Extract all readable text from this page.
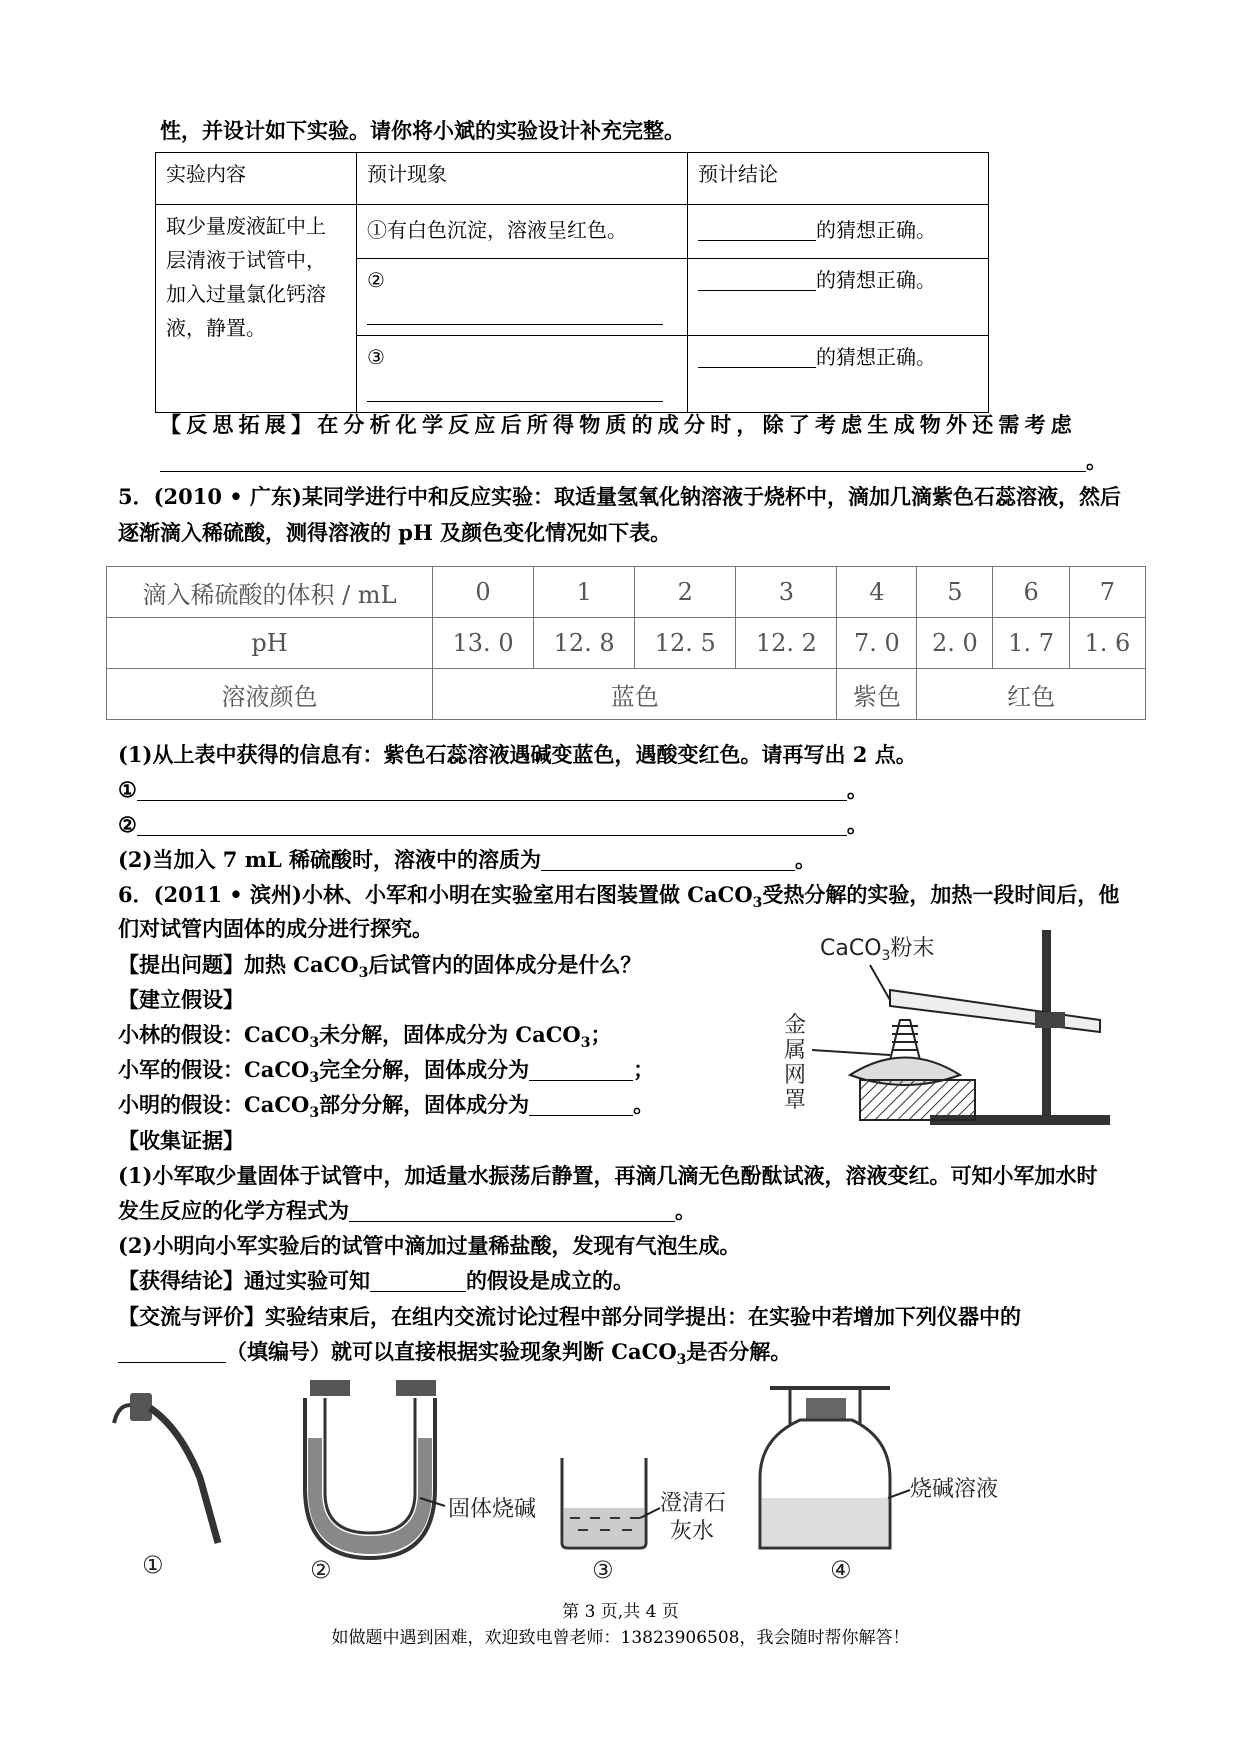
性，并设计如下实验。请你将小斌的实验设计补充完整。
实验内容	预计现象	预计结论

取少量废液缸中上
层清液于试管中，
加入过量氯化钙溶
液，静置。	①有白色沉淀，溶液呈红色。	的猜想正确。

	②	的猜想正确。

	③	的猜想正确。
【反思拓展】在分析化学反应后所得物质的成分时，除了考虑生成物外还需考虑
。
5．(2010 • 广东)某同学进行中和反应实验：取适量氢氧化钠溶液于烧杯中，滴加几滴紫色石蕊溶液，然后
逐渐滴入稀硫酸，测得溶液的 pH 及颜色变化情况如下表。
滴入稀硫酸的体积 / mL	0	1	2	3	4	5	6	7
pH	13. 0	12. 8	12. 5	12. 2	7. 0	2. 0	1. 7	1. 6
溶液颜色	蓝色				紫色	红色		
(1)从上表中获得的信息有：紫色石蕊溶液遇碱变蓝色，遇酸变红色。请再写出 2 点。
①	。
②	。
(2)当加入 7 mL 稀硫酸时，溶液中的溶质为	。
6．(2011 • 滨州)小林、小军和小明在实验室用右图装置做 CaCO$_3$受热分解的实验，加热一段时间后，他
们对试管内固体的成分进行探究。
【提出问题】加热 CaCO$_3$后试管内的固体成分是什么？
【建立假设】
小林的假设：CaCO$_3$未分解，固体成分为 CaCO$_3$；
小军的假设：CaCO$_3$完全分解，固体成分为	；
小明的假设：CaCO$_3$部分分解，固体成分为	。
【收集证据】
(1)小军取少量固体于试管中，加适量水振荡后静置，再滴几滴无色酚酞试液，溶液变红。可知小军加水时
发生反应的化学方程式为	。
(2)小明向小军实验后的试管中滴加过量稀盐酸，发现有气泡生成。
【获得结论】通过实验可知	的假设是成立的。
【交流与评价】实验结束后，在组内交流讨论过程中部分同学提出：在实验中若增加下列仪器中的
（填编号）就可以直接根据实验现象判断 CaCO$_3$是否分解。
CaCO$_3$粉末
金
属
网
罩
①
固体烧碱
②
澄清石
灰水
③
烧碱溶液
④
第 3 页,共 4 页
如做题中遇到困难，欢迎致电曾老师：13823906508，我会随时帮你解答！
